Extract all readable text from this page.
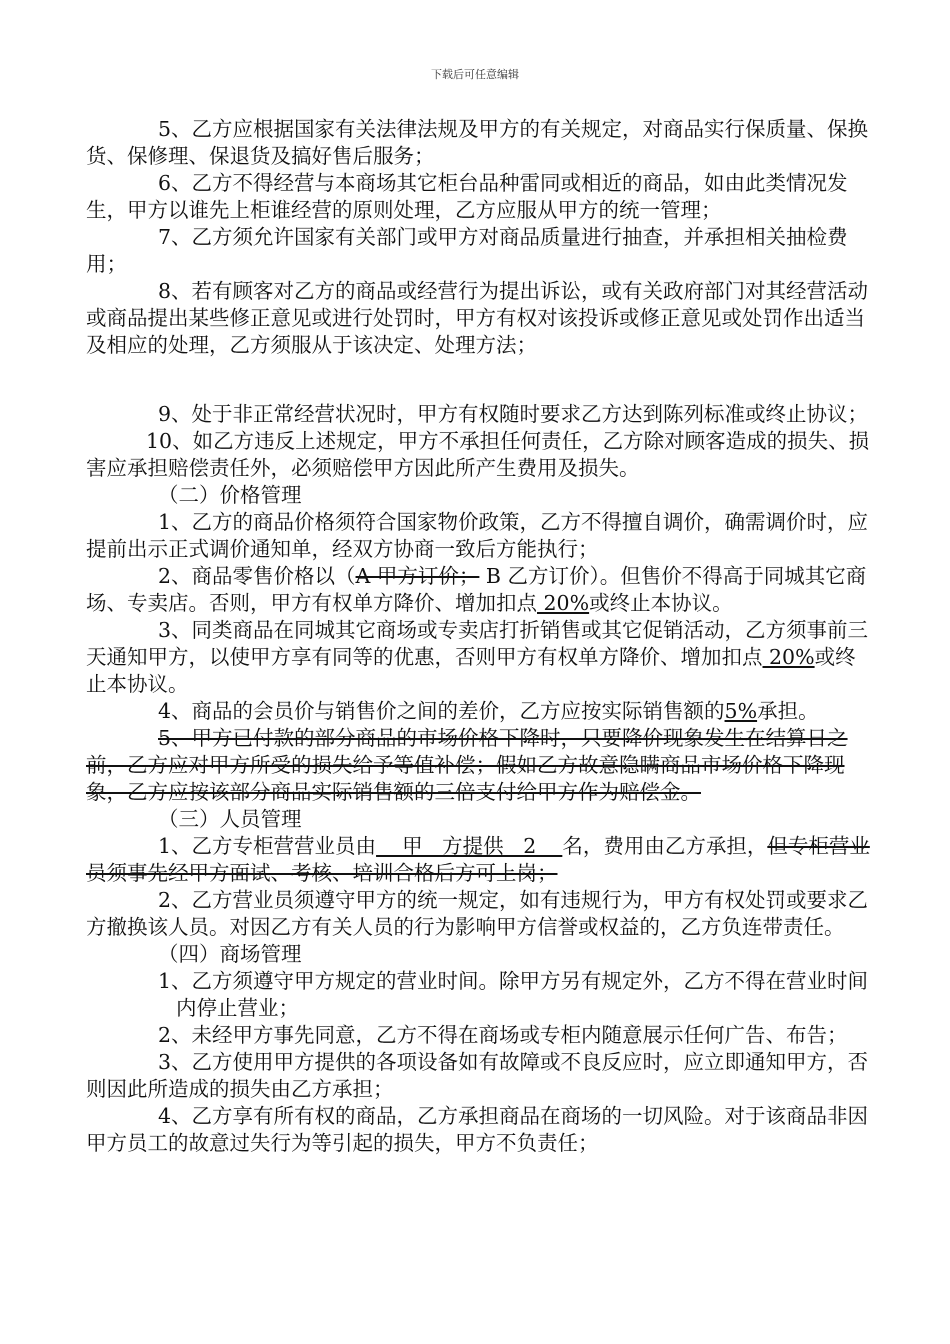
下载后可任意编辑

5、乙方应根据国家有关法律法规及甲方的有关规定，对商品实行保质量、保换货、保修理、保退货及搞好售后服务；

6、乙方不得经营与本商场其它柜台品种雷同或相近的商品，如由此类情况发生，甲方以谁先上柜谁经营的原则处理，乙方应服从甲方的统一管理；

7、乙方须允许国家有关部门或甲方对商品质量进行抽查，并承担相关抽检费用；

8、若有顾客对乙方的商品或经营行为提出诉讼，或有关政府部门对其经营活动或商品提出某些修正意见或进行处罚时，甲方有权对该投诉或修正意见或处罚作出适当及相应的处理，乙方须服从于该决定、处理方法；

9、处于非正常经营状况时，甲方有权随时要求乙方达到陈列标准或终止协议；

10、如乙方违反上述规定，甲方不承担任何责任，乙方除对顾客造成的损失、损害应承担赔偿责任外，必须赔偿甲方因此所产生费用及损失。

（二）价格管理

1、乙方的商品价格须符合国家物价政策，乙方不得擅自调价，确需调价时，应提前出示正式调价通知单，经双方协商一致后方能执行；

2、商品零售价格以（A 甲方订价； B 乙方订价）。但售价不得高于同城其它商场、专卖店。否则，甲方有权单方降价、增加扣点 20%或终止本协议。

3、同类商品在同城其它商场或专卖店打折销售或其它促销活动，乙方须事前三天通知甲方，以使甲方享有同等的优惠，否则甲方有权单方降价、增加扣点 20%或终止本协议。

4、商品的会员价与销售价之间的差价，乙方应按实际销售额的5%承担。

5、甲方已付款的部分商品的市场价格下降时，只要降价现象发生在结算日之前，乙方应对甲方所受的损失给予等值补偿；假如乙方故意隐瞒商品市场价格下降现象，乙方应按该部分商品实际销售额的三倍支付给甲方作为赔偿金。

（三）人员管理

1、乙方专柜营营业员由    甲   方提供   2    名，费用由乙方承担，但专柜营业员须事先经甲方面试、考核、培训合格后方可上岗；

2、乙方营业员须遵守甲方的统一规定，如有违规行为，甲方有权处罚或要求乙方撤换该人员。对因乙方有关人员的行为影响甲方信誉或权益的，乙方负连带责任。

（四）商场管理

1、乙方须遵守甲方规定的营业时间。除甲方另有规定外，乙方不得在营业时间内停止营业；

2、未经甲方事先同意，乙方不得在商场或专柜内随意展示任何广告、布告；

3、乙方使用甲方提供的各项设备如有故障或不良反应时，应立即通知甲方，否则因此所造成的损失由乙方承担；

4、乙方享有所有权的商品，乙方承担商品在商场的一切风险。对于该商品非因甲方员工的故意过失行为等引起的损失，甲方不负责任；
